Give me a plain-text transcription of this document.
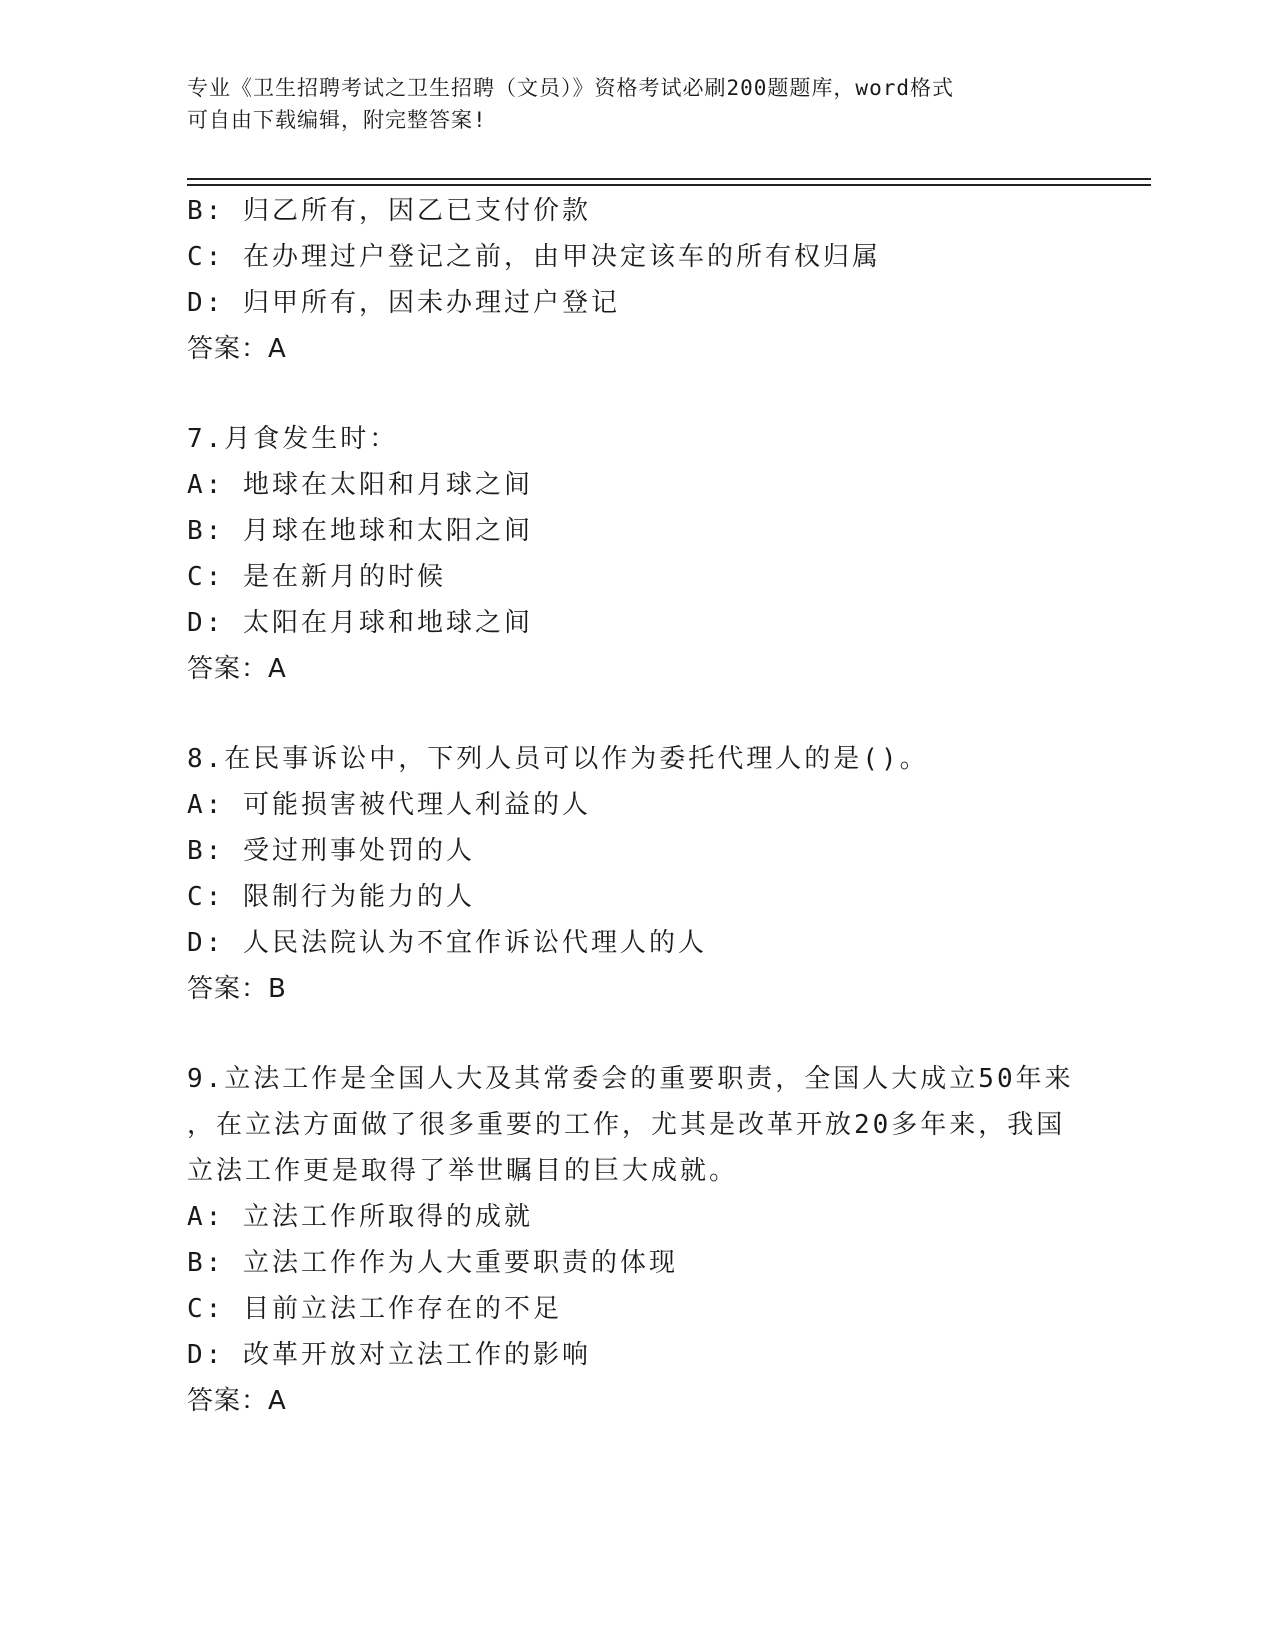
专业《卫生招聘考试之卫生招聘（文员）》资格考试必刷200题题库，word格式
可自由下载编辑，附完整答案!
B: 归乙所有，因乙已支付价款
C: 在办理过户登记之前，由甲决定该车的所有权归属
D: 归甲所有，因未办理过户登记
答案：A
7.月食发生时：
A: 地球在太阳和月球之间
B: 月球在地球和太阳之间
C: 是在新月的时候
D: 太阳在月球和地球之间
答案：A
8.在民事诉讼中，下列人员可以作为委托代理人的是()。
A: 可能损害被代理人利益的人
B: 受过刑事处罚的人
C: 限制行为能力的人
D: 人民法院认为不宜作诉讼代理人的人
答案：B
9.立法工作是全国人大及其常委会的重要职责，全国人大成立50年来
，在立法方面做了很多重要的工作，尤其是改革开放20多年来，我国
立法工作更是取得了举世瞩目的巨大成就。
A: 立法工作所取得的成就
B: 立法工作作为人大重要职责的体现
C: 目前立法工作存在的不足
D: 改革开放对立法工作的影响
答案：A
